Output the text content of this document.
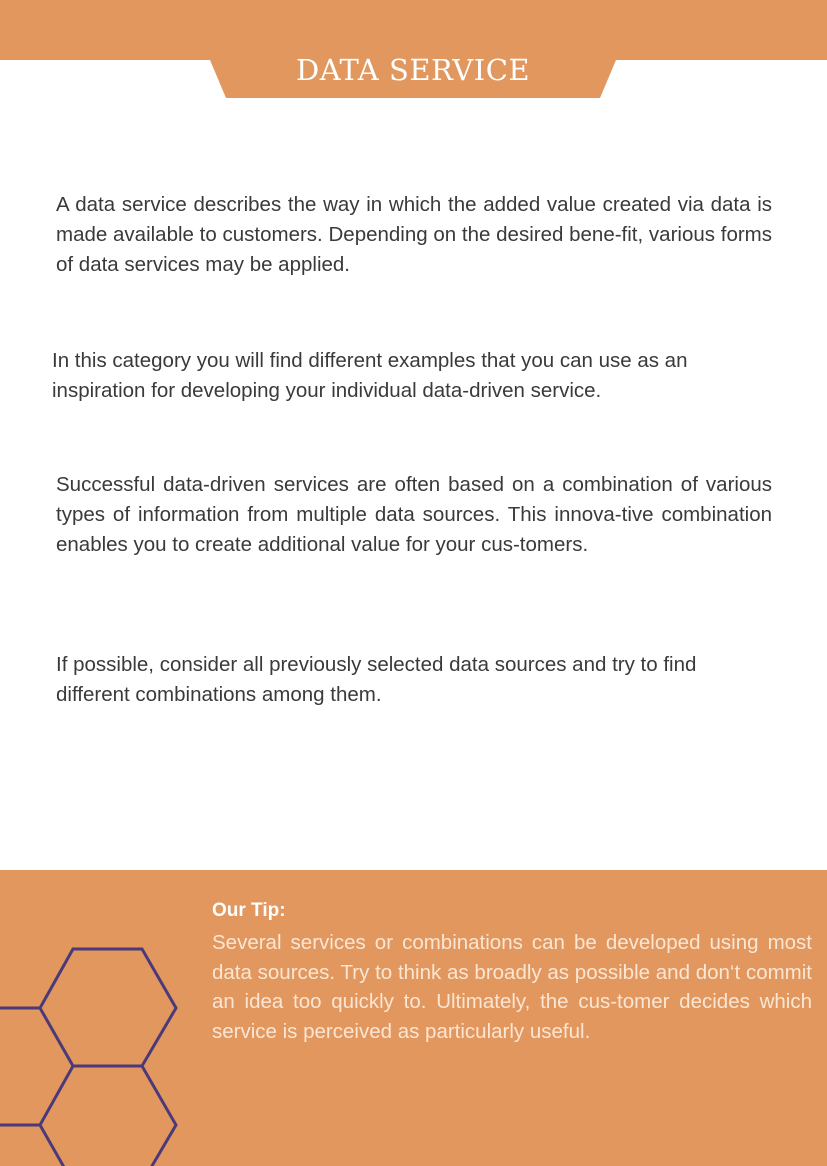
DATA SERVICE

A data service describes the way in which the added value created via data is made available to customers. Depending on the desired bene-fit, various forms of data services may be applied.

In this category you will find different examples that you can use as an inspiration for developing your individual data-driven service.

Successful data-driven services are often based on a combination of various types of information from multiple data sources. This innova-tive combination enables you to create additional value for your cus-tomers.

If possible, consider all previously selected data sources and try to find different combinations among them.

Our Tip:

Several services or combinations can be developed using most data sources. Try to think as broadly as possible and don‘t commit an idea too quickly to. Ultimately, the cus-tomer decides which service is perceived as particularly useful.
